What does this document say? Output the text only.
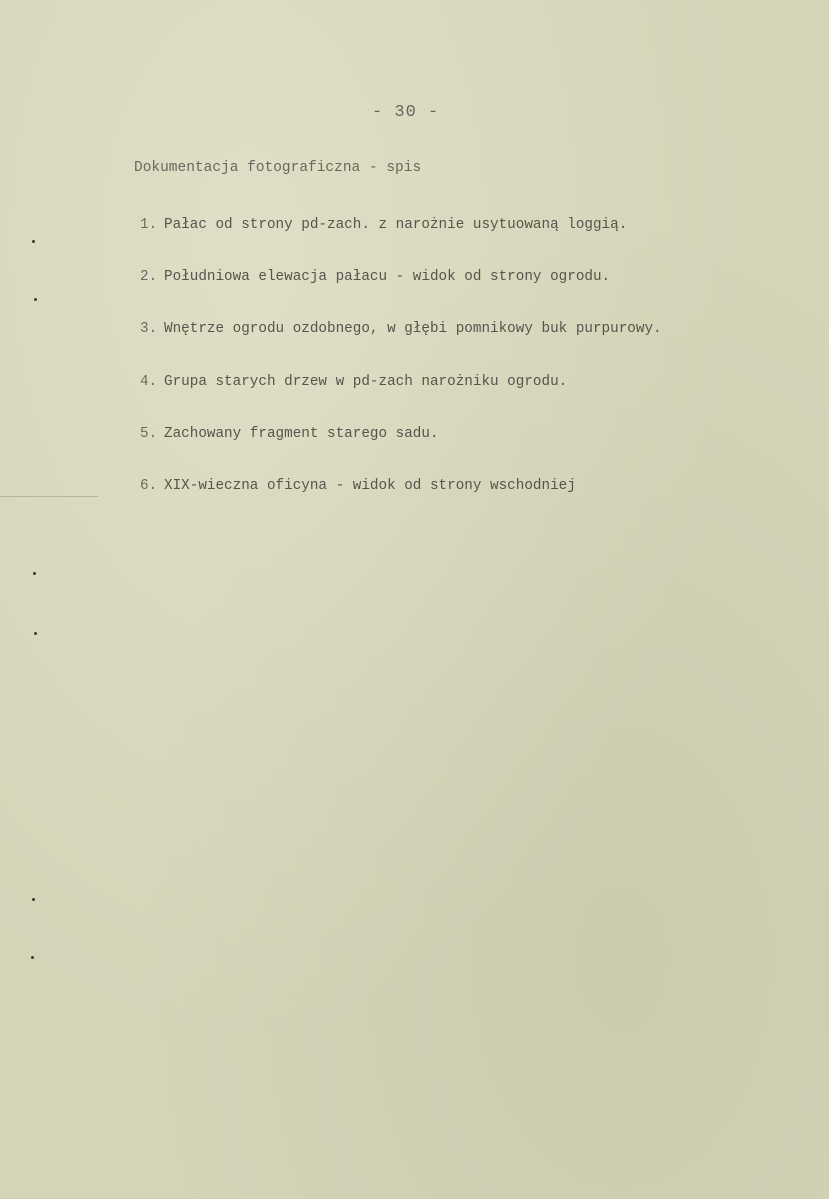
- 30 -
Dokumentacja fotograficzna - spis
1. Pałac od strony pd-zach. z narożnie usytuowaną loggią.
2. Południowa elewacja pałacu - widok od strony ogrodu.
3. Wnętrze ogrodu ozdobnego, w głębi pomnikowy buk purpurowy.
4. Grupa starych drzew w pd-zach narożniku ogrodu.
5. Zachowany fragment starego sadu.
6. XIX-wieczna oficyna - widok od strony wschodniej
